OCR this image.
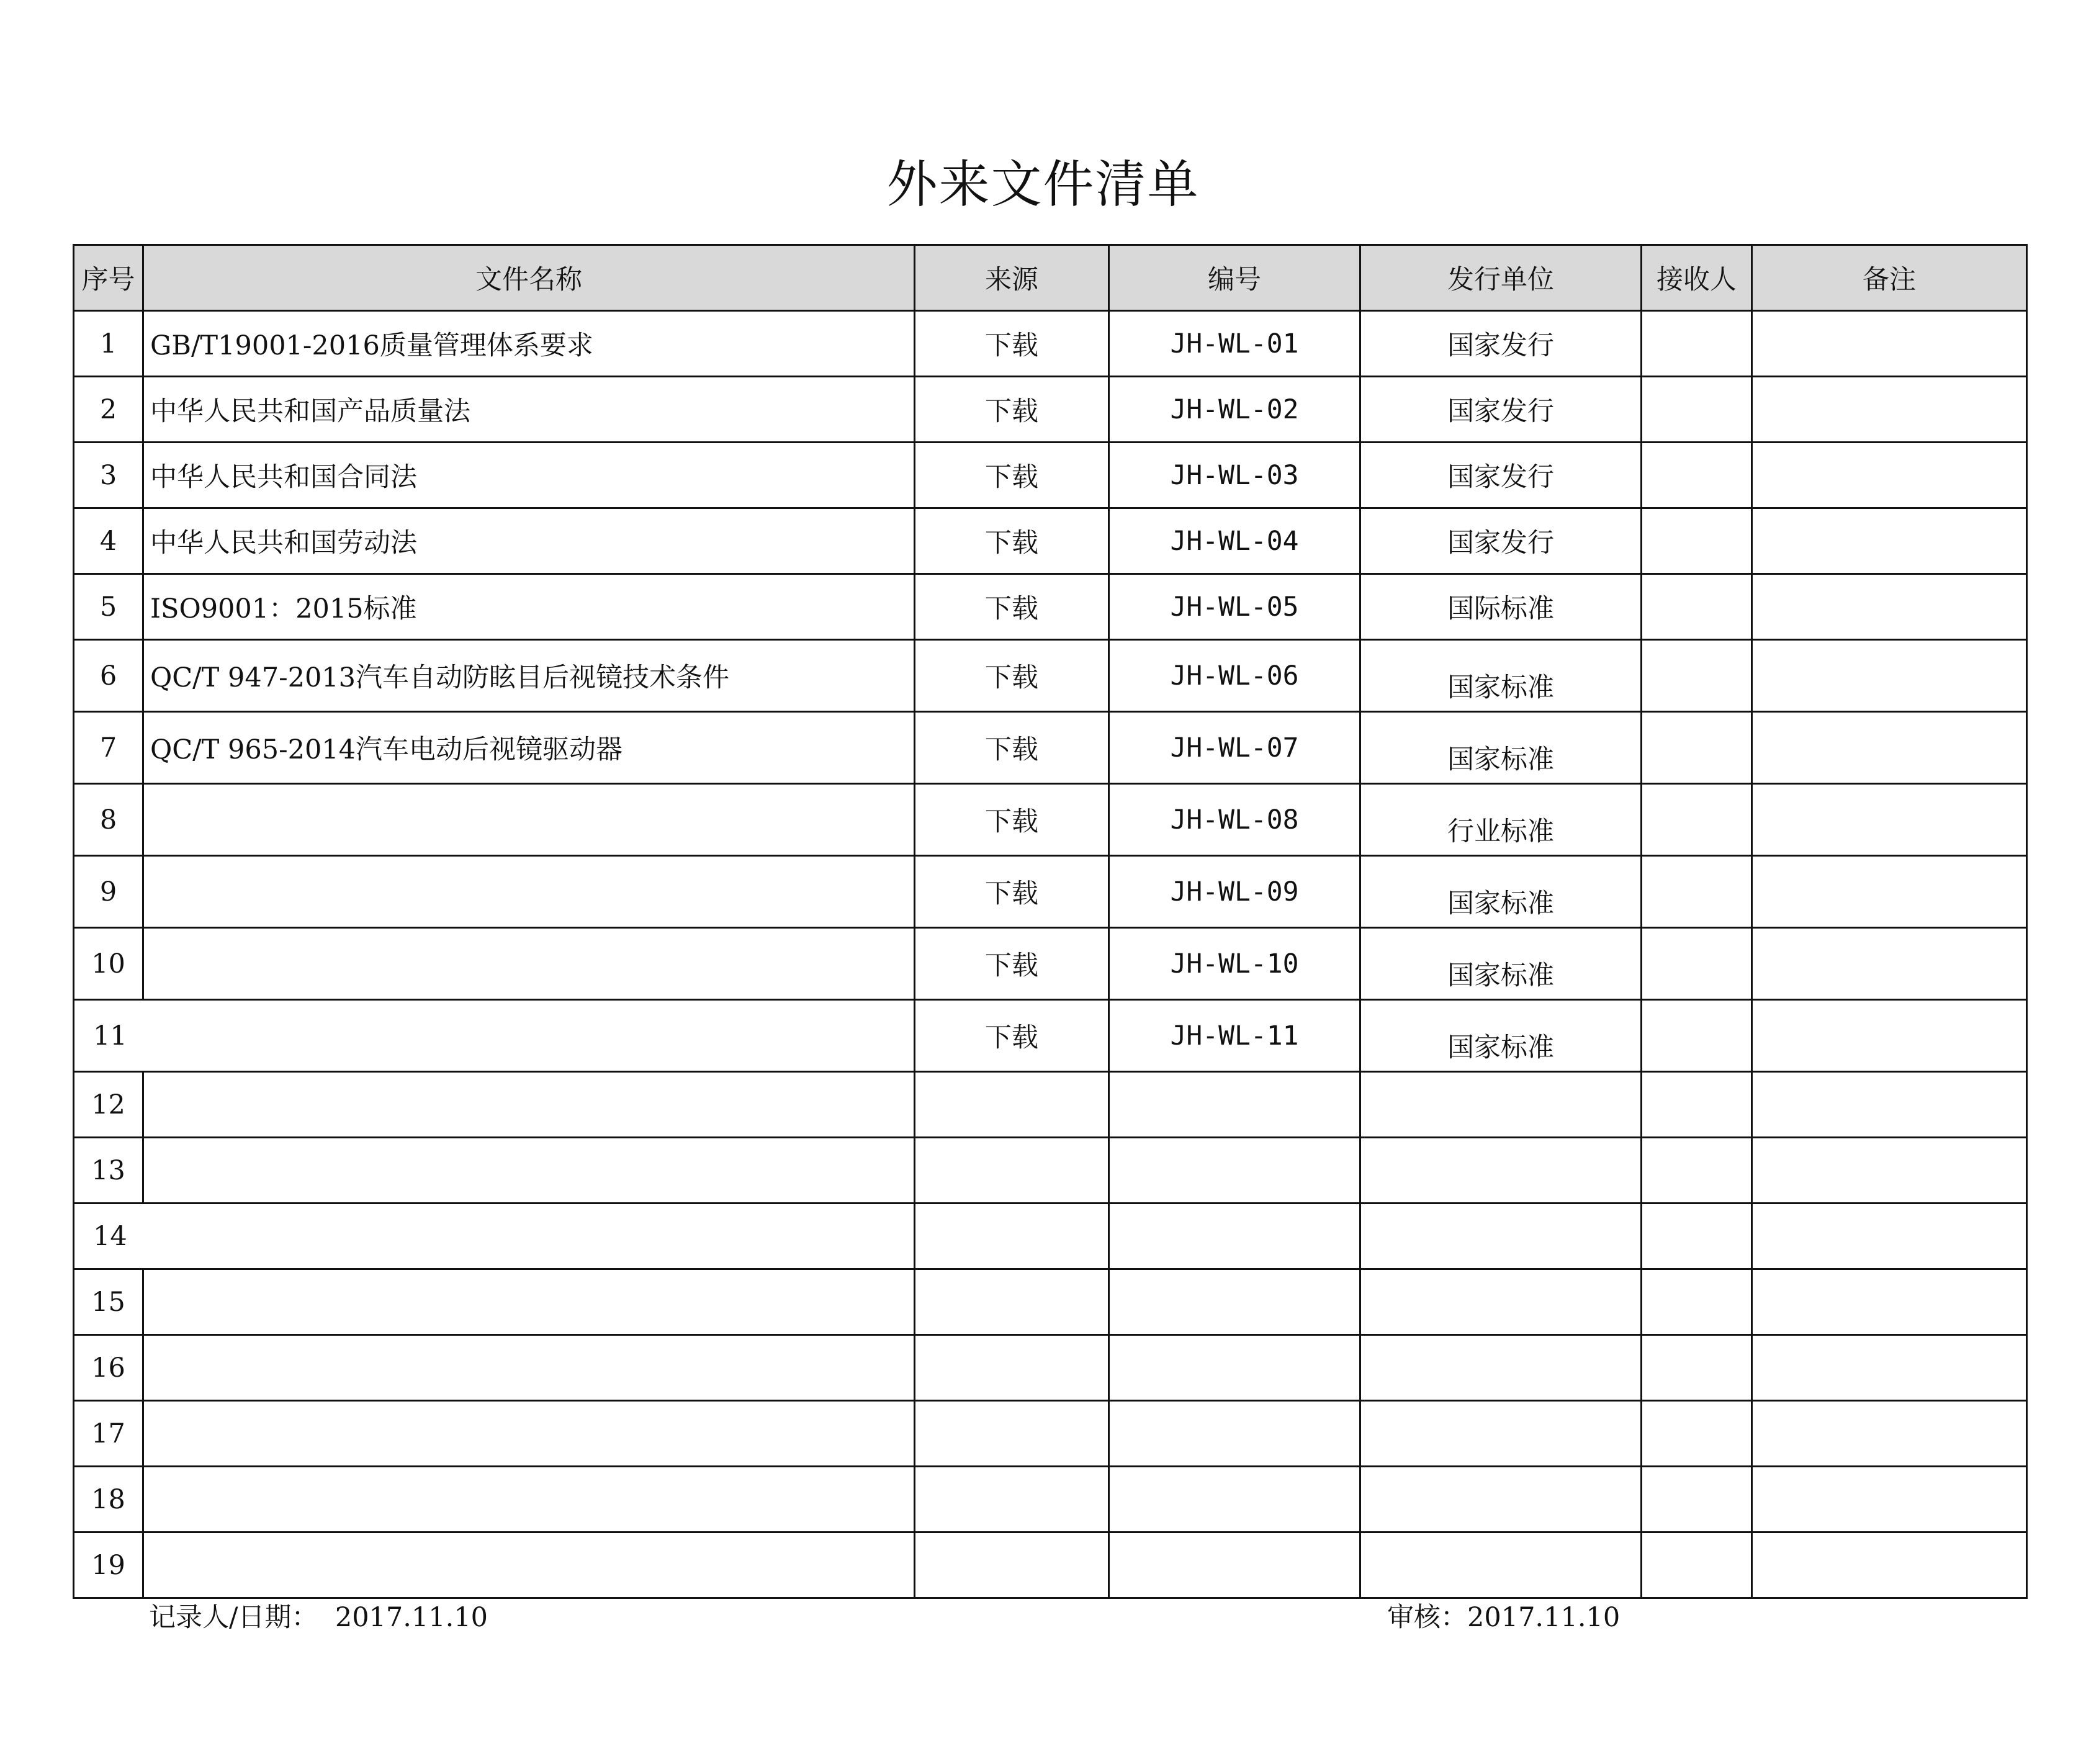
外来文件清单
序号	文件名称	来源	编号	发行单位	接收人	备注
1	GB/T19001-2016质量管理体系要求	下载	JH-WL-01	国家发行		
2	中华人民共和国产品质量法	下载	JH-WL-02	国家发行		
3	中华人民共和国合同法	下载	JH-WL-03	国家发行		
4	中华人民共和国劳动法	下载	JH-WL-04	国家发行		
5	ISO9001：2015标准	下载	JH-WL-05	国际标准		
6	QC/T 947-2013汽车自动防眩目后视镜技术条件	下载	JH-WL-06	国家标准		
7	QC/T 965-2014汽车电动后视镜驱动器	下载	JH-WL-07	国家标准		
8		下载	JH-WL-08	行业标准		
9		下载	JH-WL-09	国家标准		
10		下载	JH-WL-10	国家标准		
11		下载	JH-WL-11	国家标准		
12						
13						
14						
15						
16						
17						
18						
19						
记录人/日期： 2017.11.10	审核：2017.11.10
